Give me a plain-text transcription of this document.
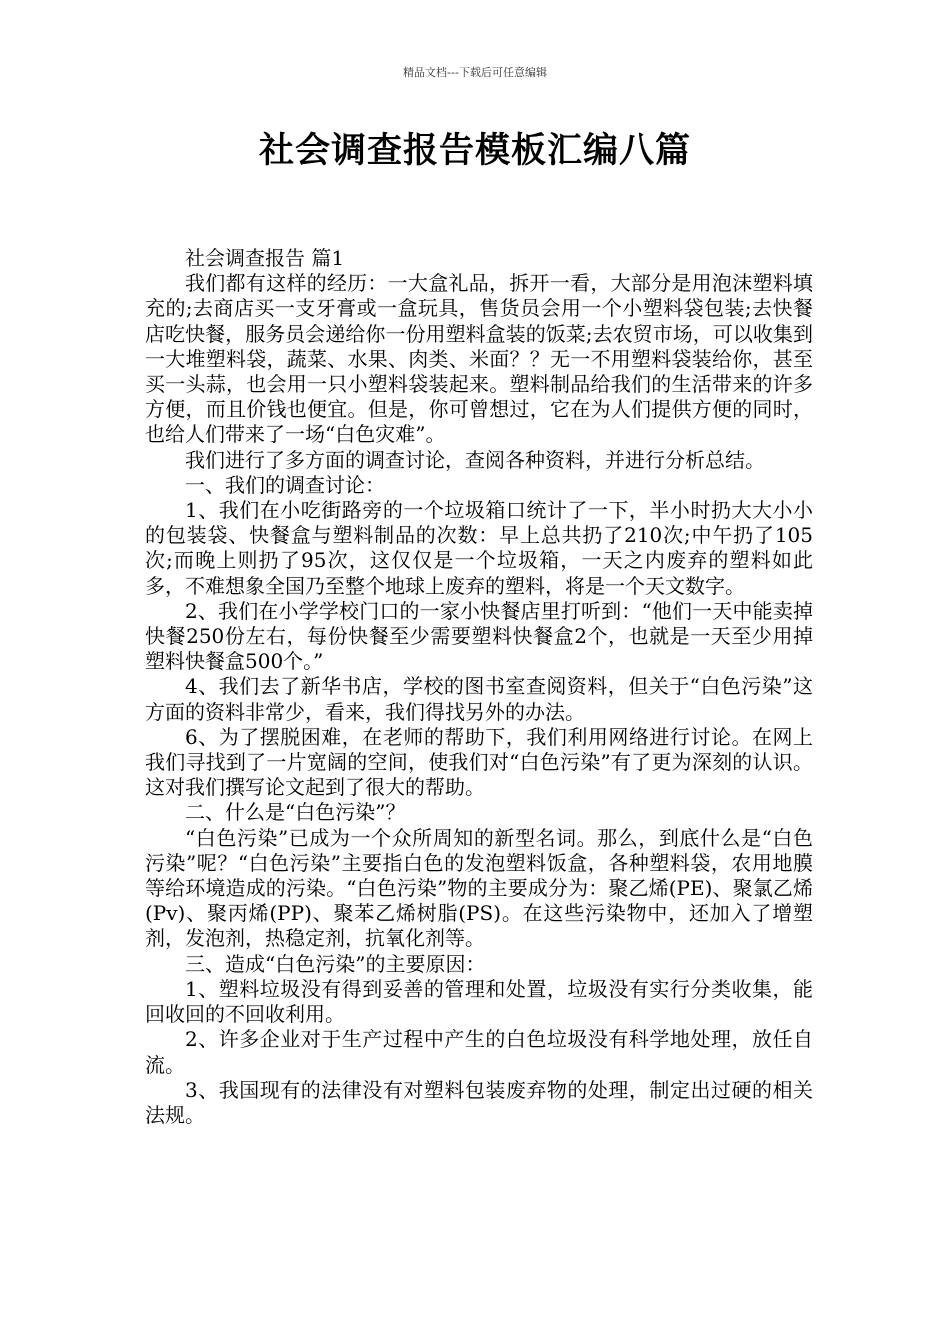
精品文档---下载后可任意编辑
社会调查报告模板汇编八篇

社会调查报告 篇1

我们都有这样的经历：一大盒礼品，拆开一看，大部分是用泡沫塑料填充的;去商店买一支牙膏或一盒玩具，售货员会用一个小塑料袋包装;去快餐店吃快餐，服务员会递给你一份用塑料盒装的饭菜;去农贸市场，可以收集到一大堆塑料袋，蔬菜、水果、肉类、米面？？无一不用塑料袋装给你，甚至买一头蒜，也会用一只小塑料袋装起来。塑料制品给我们的生活带来的许多方便，而且价钱也便宜。但是，你可曾想过，它在为人们提供方便的同时，也给人们带来了一场“白色灾难”。

我们进行了多方面的调查讨论，查阅各种资料，并进行分析总结。

一、我们的调查讨论：

1、我们在小吃街路旁的一个垃圾箱口统计了一下，半小时扔大大小小的包装袋、快餐盒与塑料制品的次数：早上总共扔了210次;中午扔了105次;而晚上则扔了95次，这仅仅是一个垃圾箱，一天之内废弃的塑料如此多，不难想象全国乃至整个地球上废弃的塑料，将是一个天文数字。

2、我们在小学学校门口的一家小快餐店里打听到：“他们一天中能卖掉快餐250份左右，每份快餐至少需要塑料快餐盒2个，也就是一天至少用掉塑料快餐盒500个。”

4、我们去了新华书店，学校的图书室查阅资料，但关于“白色污染”这方面的资料非常少，看来，我们得找另外的办法。

6、为了摆脱困难，在老师的帮助下，我们利用网络进行讨论。在网上我们寻找到了一片宽阔的空间，使我们对“白色污染”有了更为深刻的认识。这对我们撰写论文起到了很大的帮助。

二、什么是“白色污染”？

“白色污染”已成为一个众所周知的新型名词。那么，到底什么是“白色污染”呢？“白色污染”主要指白色的发泡塑料饭盒，各种塑料袋，农用地膜等给环境造成的污染。“白色污染”物的主要成分为：聚乙烯(PE)、聚氯乙烯(Pv)、聚丙烯(PP)、聚苯乙烯树脂(PS)。在这些污染物中，还加入了增塑剂，发泡剂，热稳定剂，抗氧化剂等。

三、造成“白色污染”的主要原因：

1、塑料垃圾没有得到妥善的管理和处置，垃圾没有实行分类收集，能回收回的不回收利用。

2、许多企业对于生产过程中产生的白色垃圾没有科学地处理，放任自流。

3、我国现有的法律没有对塑料包装废弃物的处理，制定出过硬的相关法规。
